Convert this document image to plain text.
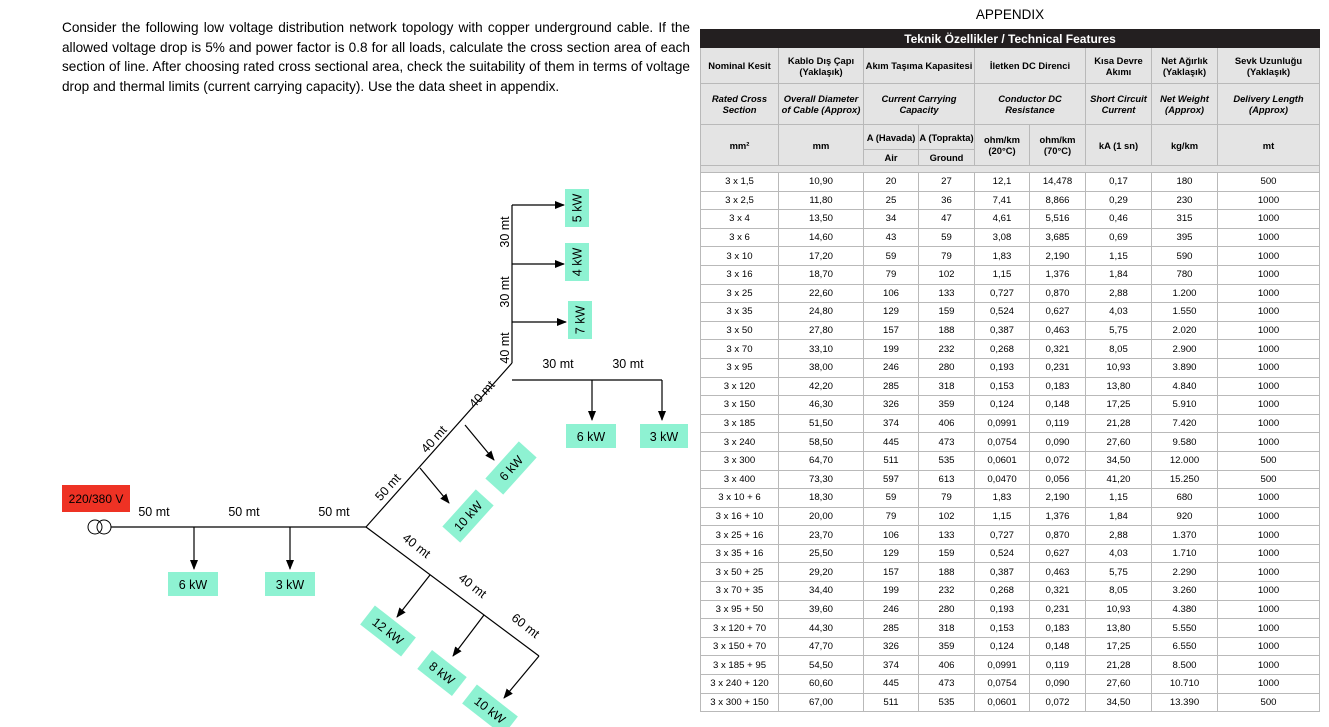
Consider the following low voltage distribution network topology with copper underground cable. If the allowed voltage drop is 5% and power factor is 0.8 for all loads, calculate the cross section area of each section of line. After choosing rated cross sectional area, check the suitability of them in terms of voltage drop and thermal limits (current carrying capacity). Use the data sheet in appendix.
220/380 V
50 mt	50 mt	50 mt
50 mt
40 mt
40 mt
40 mt
30 mt
30 mt
30 mt	30 mt
40 mt
40 mt
60 mt
6 kW	3 kW
10 kW
6 kW
7 kW
4 kW
5 kW
6 kW	3 kW
12 kW
8 kW
10 kW
APPENDIX
Teknik Özellikler / Technical Features								
Nominal Kesit	Kablo Dış Çapı (Yaklaşık)	Akım Taşıma Kapasitesi		İletken DC Direnci		Kısa Devre Akımı	Net Ağırlık (Yaklaşık)	Sevk Uzunluğu (Yaklaşık)
Rated Cross Section	Overall Diameter of Cable (Approx)	Current Carrying Capacity		Conductor DC Resistance		Short Circuit Current	Net Weight (Approx)	Delivery Length (Approx)
mm²	mm	A (Havada)	A (Toprakta)	ohm/km (20°C)	ohm/km (70°C)	kA (1 sn)	kg/km	mt
		Air	Ground					

3 x 1,5	10,90	20	27	12,1	14,478	0,17	180	500
3 x 2,5	11,80	25	36	7,41	8,866	0,29	230	1000
3 x 4	13,50	34	47	4,61	5,516	0,46	315	1000
3 x 6	14,60	43	59	3,08	3,685	0,69	395	1000
3 x 10	17,20	59	79	1,83	2,190	1,15	590	1000
3 x 16	18,70	79	102	1,15	1,376	1,84	780	1000
3 x 25	22,60	106	133	0,727	0,870	2,88	1.200	1000
3 x 35	24,80	129	159	0,524	0,627	4,03	1.550	1000
3 x 50	27,80	157	188	0,387	0,463	5,75	2.020	1000
3 x 70	33,10	199	232	0,268	0,321	8,05	2.900	1000
3 x 95	38,00	246	280	0,193	0,231	10,93	3.890	1000
3 x 120	42,20	285	318	0,153	0,183	13,80	4.840	1000
3 x 150	46,30	326	359	0,124	0,148	17,25	5.910	1000
3 x 185	51,50	374	406	0,0991	0,119	21,28	7.420	1000
3 x 240	58,50	445	473	0,0754	0,090	27,60	9.580	1000
3 x 300	64,70	511	535	0,0601	0,072	34,50	12.000	500
3 x 400	73,30	597	613	0,0470	0,056	41,20	15.250	500
3 x 10 + 6	18,30	59	79	1,83	2,190	1,15	680	1000
3 x 16 + 10	20,00	79	102	1,15	1,376	1,84	920	1000
3 x 25 + 16	23,70	106	133	0,727	0,870	2,88	1.370	1000
3 x 35 + 16	25,50	129	159	0,524	0,627	4,03	1.710	1000
3 x 50 + 25	29,20	157	188	0,387	0,463	5,75	2.290	1000
3 x 70 + 35	34,40	199	232	0,268	0,321	8,05	3.260	1000
3 x 95 + 50	39,60	246	280	0,193	0,231	10,93	4.380	1000
3 x 120 + 70	44,30	285	318	0,153	0,183	13,80	5.550	1000
3 x 150 + 70	47,70	326	359	0,124	0,148	17,25	6.550	1000
3 x 185 + 95	54,50	374	406	0,0991	0,119	21,28	8.500	1000
3 x 240 + 120	60,60	445	473	0,0754	0,090	27,60	10.710	1000
3 x 300 + 150	67,00	511	535	0,0601	0,072	34,50	13.390	500
